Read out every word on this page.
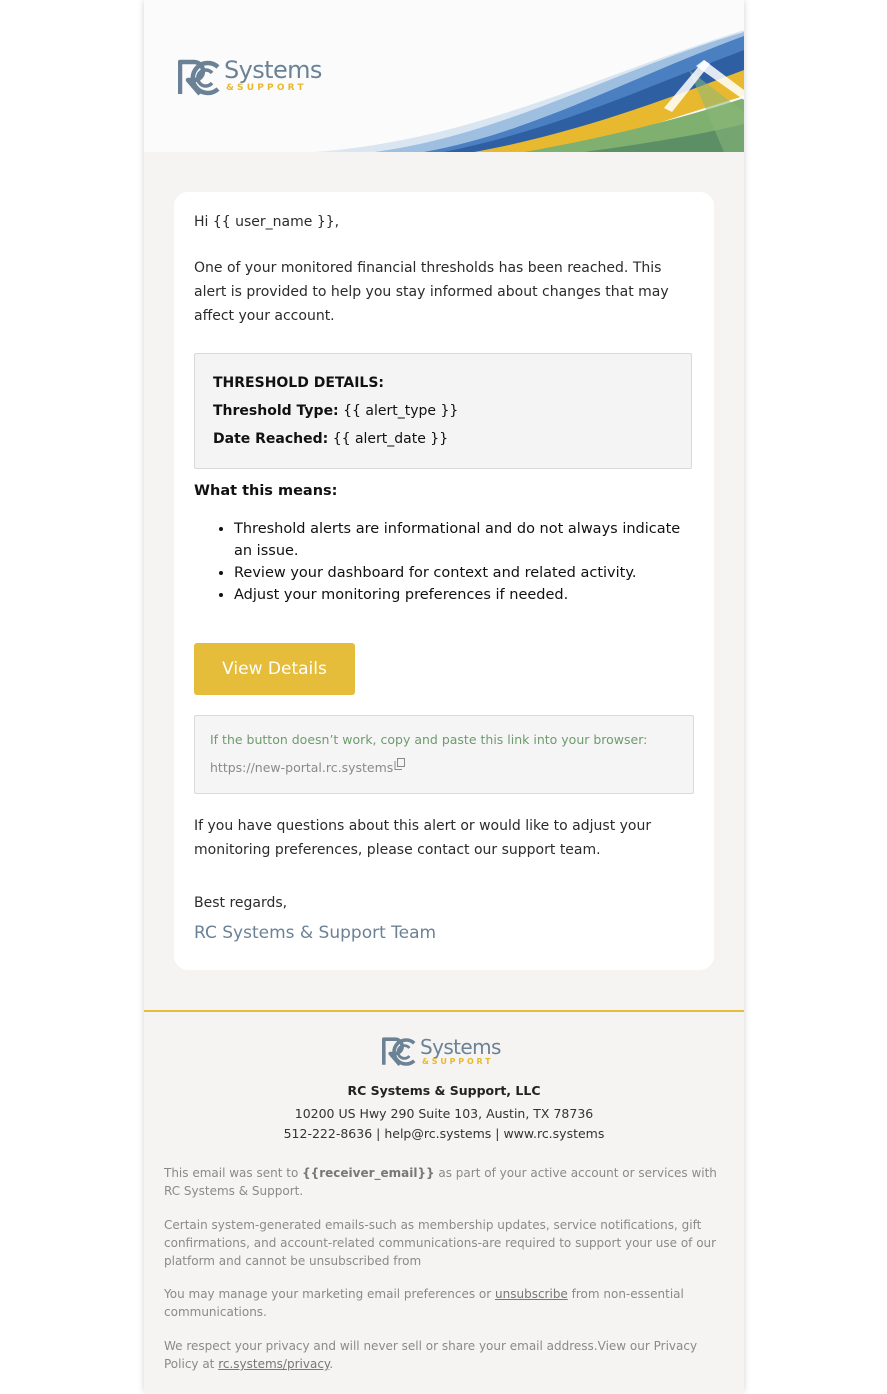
Systems
&SUPPORT

Hi {{ user_name }},

One of your monitored financial thresholds has been reached. This alert is provided to help you stay informed about changes that may affect your account.

THRESHOLD DETAILS:
Threshold Type: {{ alert_type }}
Date Reached: {{ alert_date }}
What this means:
• Threshold alerts are informational and do not always indicate an issue.
• Review your dashboard for context and related activity.
• Adjust your monitoring preferences if needed.
View Details
If the button doesn’t work, copy and paste this link into your browser:
https://new-portal.rc.systems

If you have questions about this alert or would like to adjust your monitoring preferences, please contact our support team.

Best regards,
RC Systems & Support Team
Systems
&SUPPORT
RC Systems & Support, LLC
10200 US Hwy 290 Suite 103, Austin, TX 78736
512-222-8636 | help@rc.systems | www.rc.systems

This email was sent to {{receiver_email}} as part of your active account or services with RC Systems & Support.

Certain system-generated emails-such as membership updates, service notifications, gift confirmations, and account-related communications-are required to support your use of our platform and cannot be unsubscribed from

You may manage your marketing email preferences or unsubscribe from non-essential communications.

We respect your privacy and will never sell or share your email address.View our Privacy Policy at rc.systems/privacy.
